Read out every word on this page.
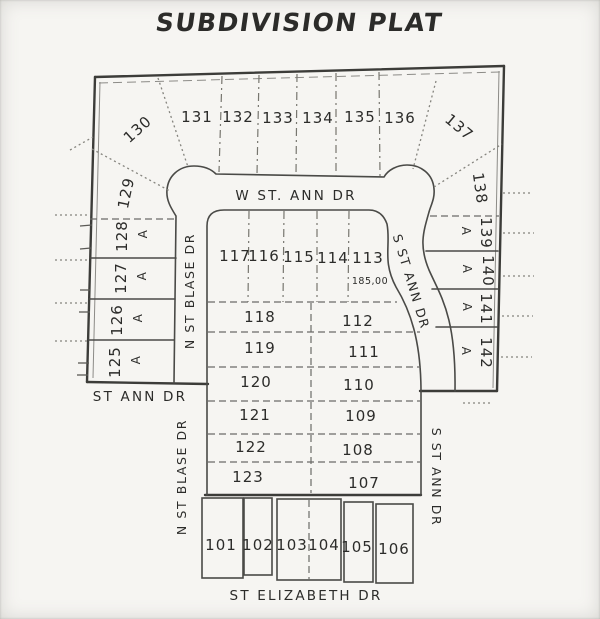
SUBDIVISION PLAT
W ST. ANN DR
ST ANN DR
N ST BLASE DR
N ST BLASE DR
S ST ANN DR
S ST ANN DR
ST ELIZABETH DR
185,00
101 102 103 104 105 106
107
108
109
110
111
112
113
114
115
116
117
118
119
120
121
122
123
125 A
126 A
127 A
128 A
129
130 131 132 133 134 135 136 137
138
139
A
140
A
141
A
142
A
